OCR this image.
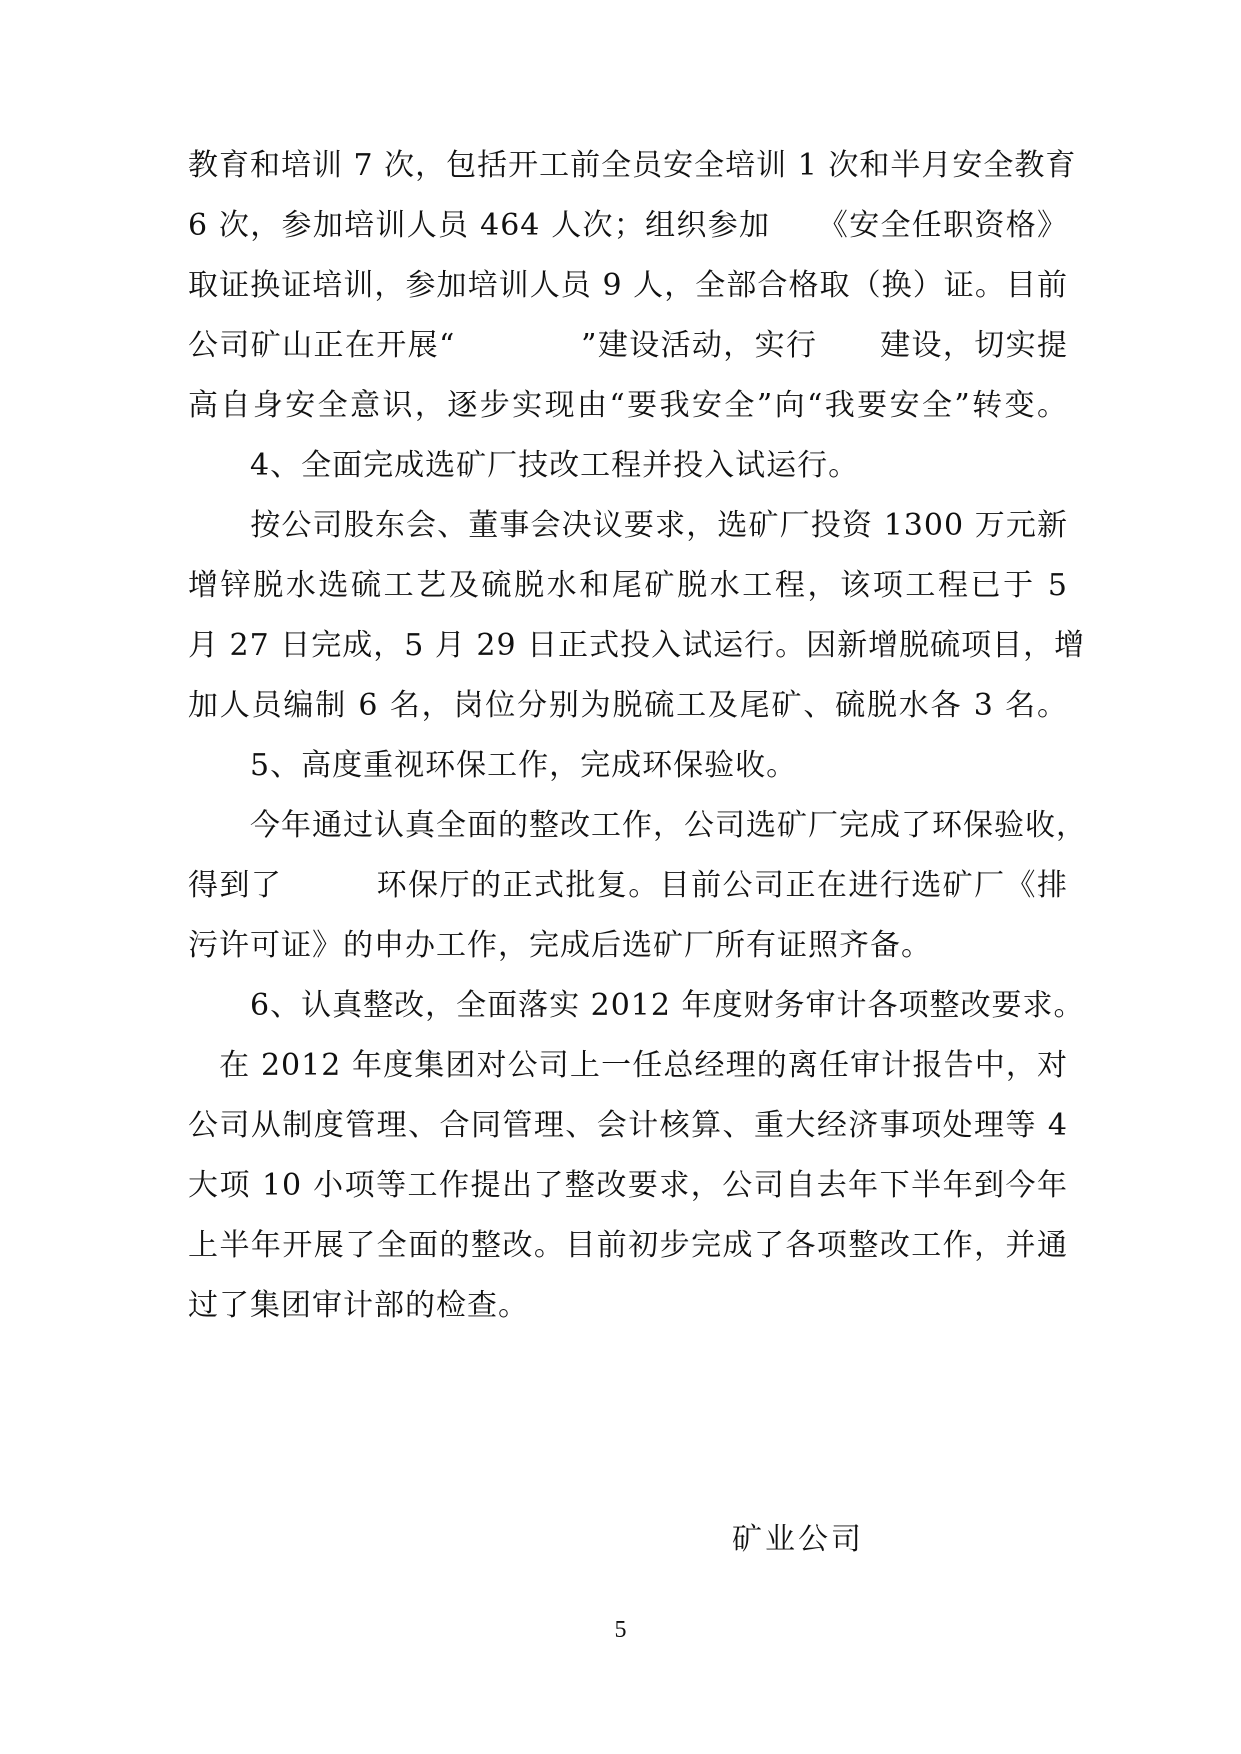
教育和培训 7 次，包括开工前全员安全培训 1 次和半月安全教育
6 次，参加培训人员 464 人次；组织参加　　《安全任职资格》
取证换证培训，参加培训人员 9 人，全部合格取（换）证。目前
公司矿山正在开展“　　　　”建设活动，实行　　建设，切实提
高自身安全意识，逐步实现由“要我安全”向“我要安全”转变。
　　4、全面完成选矿厂技改工程并投入试运行。
　　按公司股东会、董事会决议要求，选矿厂投资 1300 万元新
增锌脱水选硫工艺及硫脱水和尾矿脱水工程，该项工程已于 5
月 27 日完成，5 月 29 日正式投入试运行。因新增脱硫项目，增
加人员编制 6 名，岗位分别为脱硫工及尾矿、硫脱水各 3 名。
　　5、高度重视环保工作，完成环保验收。
　　今年通过认真全面的整改工作，公司选矿厂完成了环保验收，
得到了　　　环保厅的正式批复。目前公司正在进行选矿厂《排
污许可证》的申办工作，完成后选矿厂所有证照齐备。
　　6、认真整改，全面落实 2012 年度财务审计各项整改要求。
　在 2012 年度集团对公司上一任总经理的离任审计报告中，对
公司从制度管理、合同管理、会计核算、重大经济事项处理等 4
大项 10 小项等工作提出了整改要求，公司自去年下半年到今年
上半年开展了全面的整改。目前初步完成了各项整改工作，并通
过了集团审计部的检查。
矿业公司
5
